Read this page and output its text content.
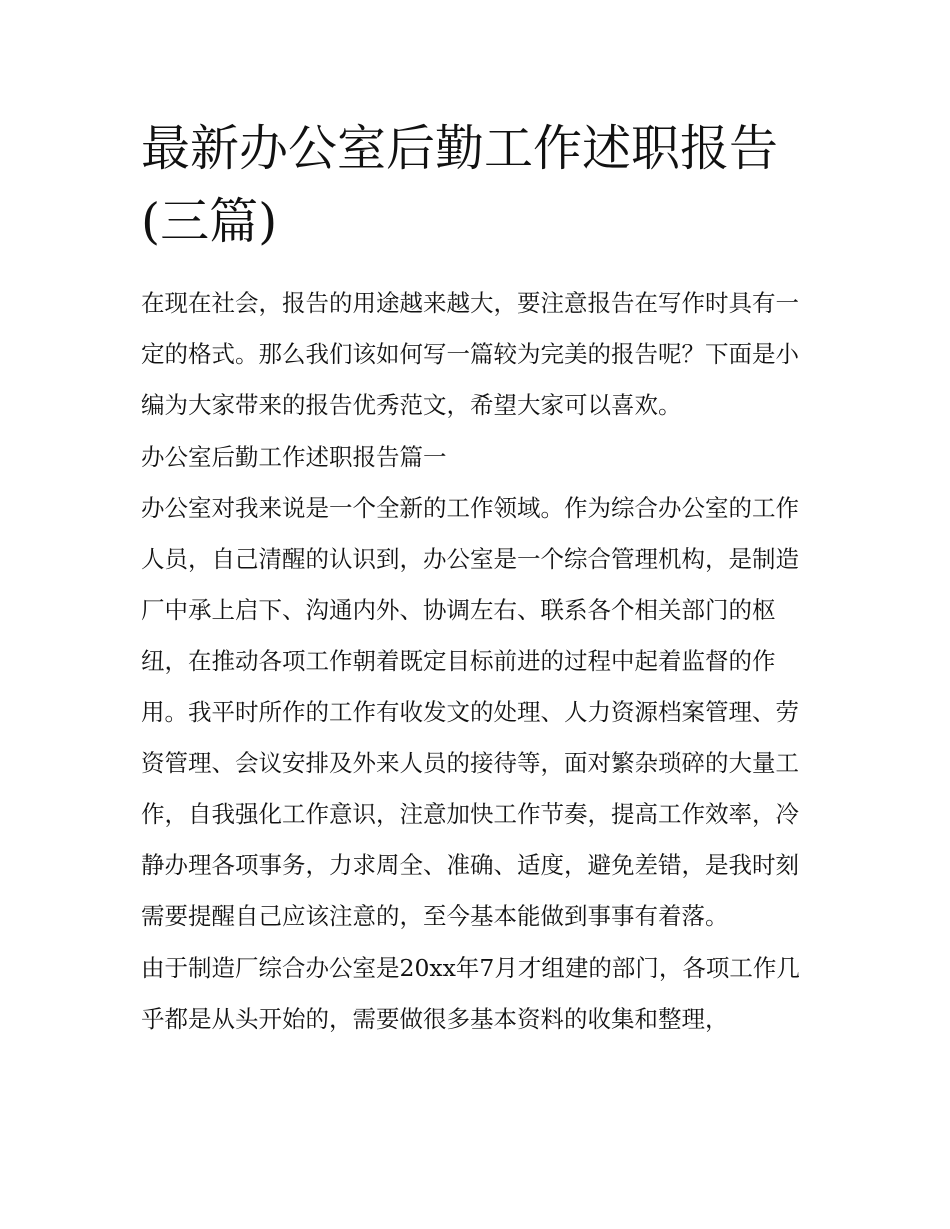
最新办公室后勤工作述职报告(三篇)

在现在社会，报告的用途越来越大，要注意报告在写作时具有一定的格式。那么我们该如何写一篇较为完美的报告呢？下面是小编为大家带来的报告优秀范文，希望大家可以喜欢。

办公室后勤工作述职报告篇一

办公室对我来说是一个全新的工作领域。作为综合办公室的工作人员，自己清醒的认识到，办公室是一个综合管理机构，是制造厂中承上启下、沟通内外、协调左右、联系各个相关部门的枢纽，在推动各项工作朝着既定目标前进的过程中起着监督的作用。我平时所作的工作有收发文的处理、人力资源档案管理、劳资管理、会议安排及外来人员的接待等，面对繁杂琐碎的大量工作，自我强化工作意识，注意加快工作节奏，提高工作效率，冷静办理各项事务，力求周全、准确、适度，避免差错，是我时刻需要提醒自己应该注意的，至今基本能做到事事有着落。

由于制造厂综合办公室是20xx年7月才组建的部门，各项工作几乎都是从头开始的，需要做很多基本资料的收集和整理，
